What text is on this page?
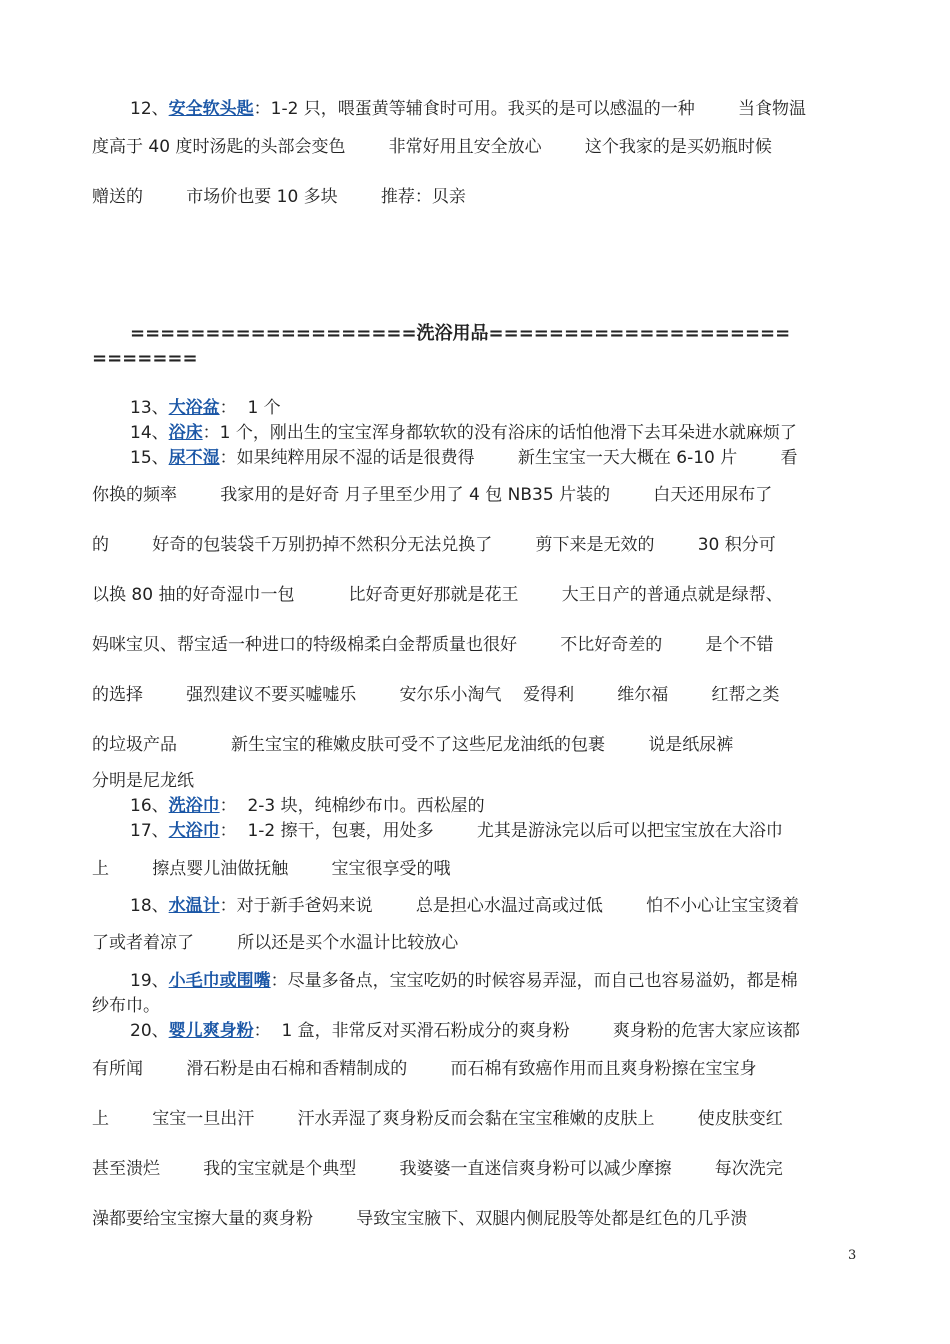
12、安全软头匙：1-2 只，喂蛋黄等辅食时可用。我买的是可以感温的一种        当食物温
度高于 40 度时汤匙的头部会变色        非常好用且安全放心        这个我家的是买奶瓶时候
赠送的        市场价也要 10 多块        推荐：贝亲
===================洗浴用品====================
=======
13、大浴盆：  1 个
14、浴床：1 个，刚出生的宝宝浑身都软软的没有浴床的话怕他滑下去耳朵进水就麻烦了
15、尿不湿：如果纯粹用尿不湿的话是很费得        新生宝宝一天大概在 6-10 片        看
你换的频率        我家用的是好奇 月子里至少用了 4 包 NB35 片装的        白天还用尿布了
的        好奇的包装袋千万别扔掉不然积分无法兑换了        剪下来是无效的        30 积分可
以换 80 抽的好奇湿巾一包          比好奇更好那就是花王        大王日产的普通点就是绿帮、
妈咪宝贝、帮宝适一种进口的特级棉柔白金帮质量也很好        不比好奇差的        是个不错
的选择        强烈建议不要买嘘嘘乐        安尔乐小淘气    爱得利        维尔福        红帮之类
的垃圾产品          新生宝宝的稚嫩皮肤可受不了这些尼龙油纸的包裹        说是纸尿裤
分明是尼龙纸
16、洗浴巾：  2-3 块，纯棉纱布巾。西松屋的
17、大浴巾：  1-2 擦干，包裹，用处多        尤其是游泳完以后可以把宝宝放在大浴巾
上        擦点婴儿油做抚触        宝宝很享受的哦
18、水温计：对于新手爸妈来说        总是担心水温过高或过低        怕不小心让宝宝烫着
了或者着凉了        所以还是买个水温计比较放心
19、小毛巾或围嘴：尽量多备点，宝宝吃奶的时候容易弄湿，而自己也容易溢奶，都是棉
纱布巾。
20、婴儿爽身粉：  1 盒，非常反对买滑石粉成分的爽身粉        爽身粉的危害大家应该都
有所闻        滑石粉是由石棉和香精制成的        而石棉有致癌作用而且爽身粉擦在宝宝身
上        宝宝一旦出汗        汗水弄湿了爽身粉反而会黏在宝宝稚嫩的皮肤上        使皮肤变红
甚至溃烂        我的宝宝就是个典型        我婆婆一直迷信爽身粉可以减少摩擦        每次洗完
澡都要给宝宝擦大量的爽身粉        导致宝宝腋下、双腿内侧屁股等处都是红色的几乎溃
3
